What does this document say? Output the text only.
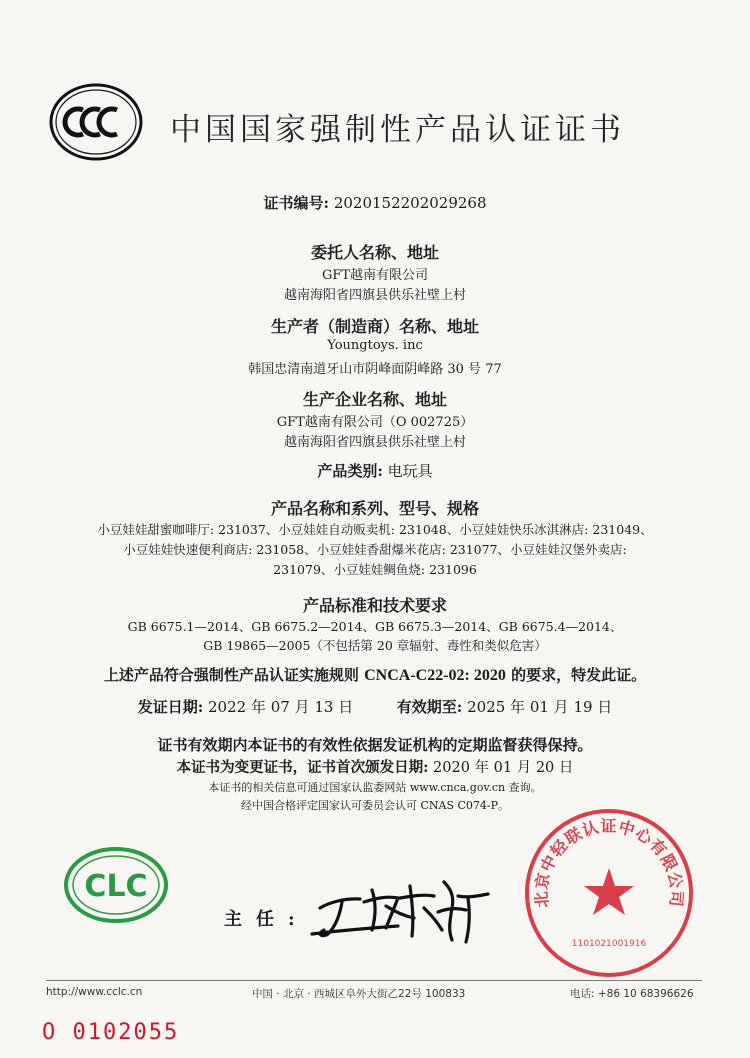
CCC 中国国家强制性产品认证证书
证书编号: 2020152202029268
委托人名称、地址
GFT越南有限公司
越南海阳省四旗县供乐社壁上村
生产者（制造商）名称、地址
Youngtoys. inc
韩国忠清南道牙山市阴峰面阴峰路 30 号 77
生产企业名称、地址
GFT越南有限公司（O 002725）
越南海阳省四旗县供乐社壁上村
产品类别: 电玩具
产品名称和系列、型号、规格
小豆娃娃甜蜜咖啡厅: 231037、小豆娃娃自动贩卖机: 231048、小豆娃娃快乐冰淇淋店: 231049、
小豆娃娃快速便利商店: 231058、小豆娃娃香甜爆米花店: 231077、小豆娃娃汉堡外卖店:
231079、小豆娃娃鲷鱼烧: 231096
产品标准和技术要求
GB 6675.1—2014、GB 6675.2—2014、GB 6675.3—2014、GB 6675.4—2014、
GB 19865—2005（不包括第 20 章辐射、毒性和类似危害）
上述产品符合强制性产品认证实施规则 CNCA-C22-02: 2020 的要求，特发此证。
发证日期: 2022 年 07 月 13 日	有效期至: 2025 年 01 月 19 日
证书有效期内本证书的有效性依据发证机构的定期监督获得保持。
本证书为变更证书，证书首次颁发日期: 2020 年 01 月 20 日
本证书的相关信息可通过国家认监委网站 www.cnca.gov.cn 查询。
经中国合格评定国家认可委员会认可 CNAS C074-P。
CLC
主任:
北京中轻联认证中心有限公司
1101021001916
http://www.cclc.cn	中国 · 北京 · 西城区阜外大街乙22号 100833	电话: +86 10 68396626
O 0102055
